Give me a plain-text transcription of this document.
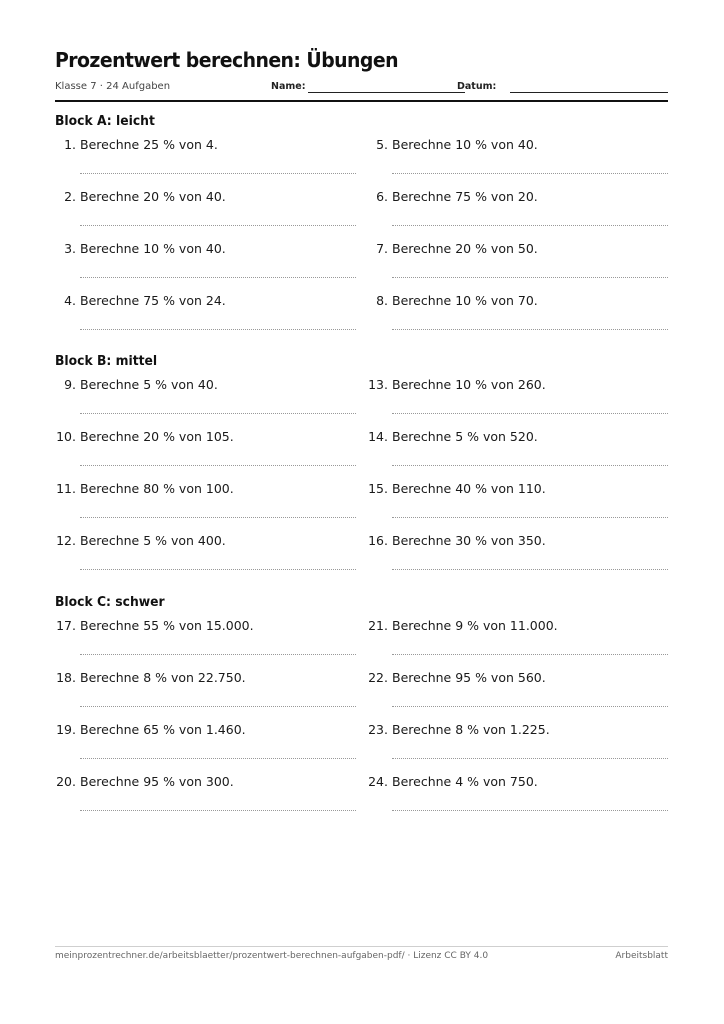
Prozentwert berechnen: Übungen
Klasse 7 · 24 Aufgaben	Name:	Datum:
Block A: leicht
1. Berechne 25 % von 4.
2. Berechne 20 % von 40.
3. Berechne 10 % von 40.
4. Berechne 75 % von 24.
5. Berechne 10 % von 40.
6. Berechne 75 % von 20.
7. Berechne 20 % von 50.
8. Berechne 10 % von 70.
Block B: mittel
9. Berechne 5 % von 40.
10. Berechne 20 % von 105.
11. Berechne 80 % von 100.
12. Berechne 5 % von 400.
13. Berechne 10 % von 260.
14. Berechne 5 % von 520.
15. Berechne 40 % von 110.
16. Berechne 30 % von 350.
Block C: schwer
17. Berechne 55 % von 15.000.
18. Berechne 8 % von 22.750.
19. Berechne 65 % von 1.460.
20. Berechne 95 % von 300.
21. Berechne 9 % von 11.000.
22. Berechne 95 % von 560.
23. Berechne 8 % von 1.225.
24. Berechne 4 % von 750.
meinprozentrechner.de/arbeitsblaetter/prozentwert-berechnen-aufgaben-pdf/ · Lizenz CC BY 4.0	Arbeitsblatt
